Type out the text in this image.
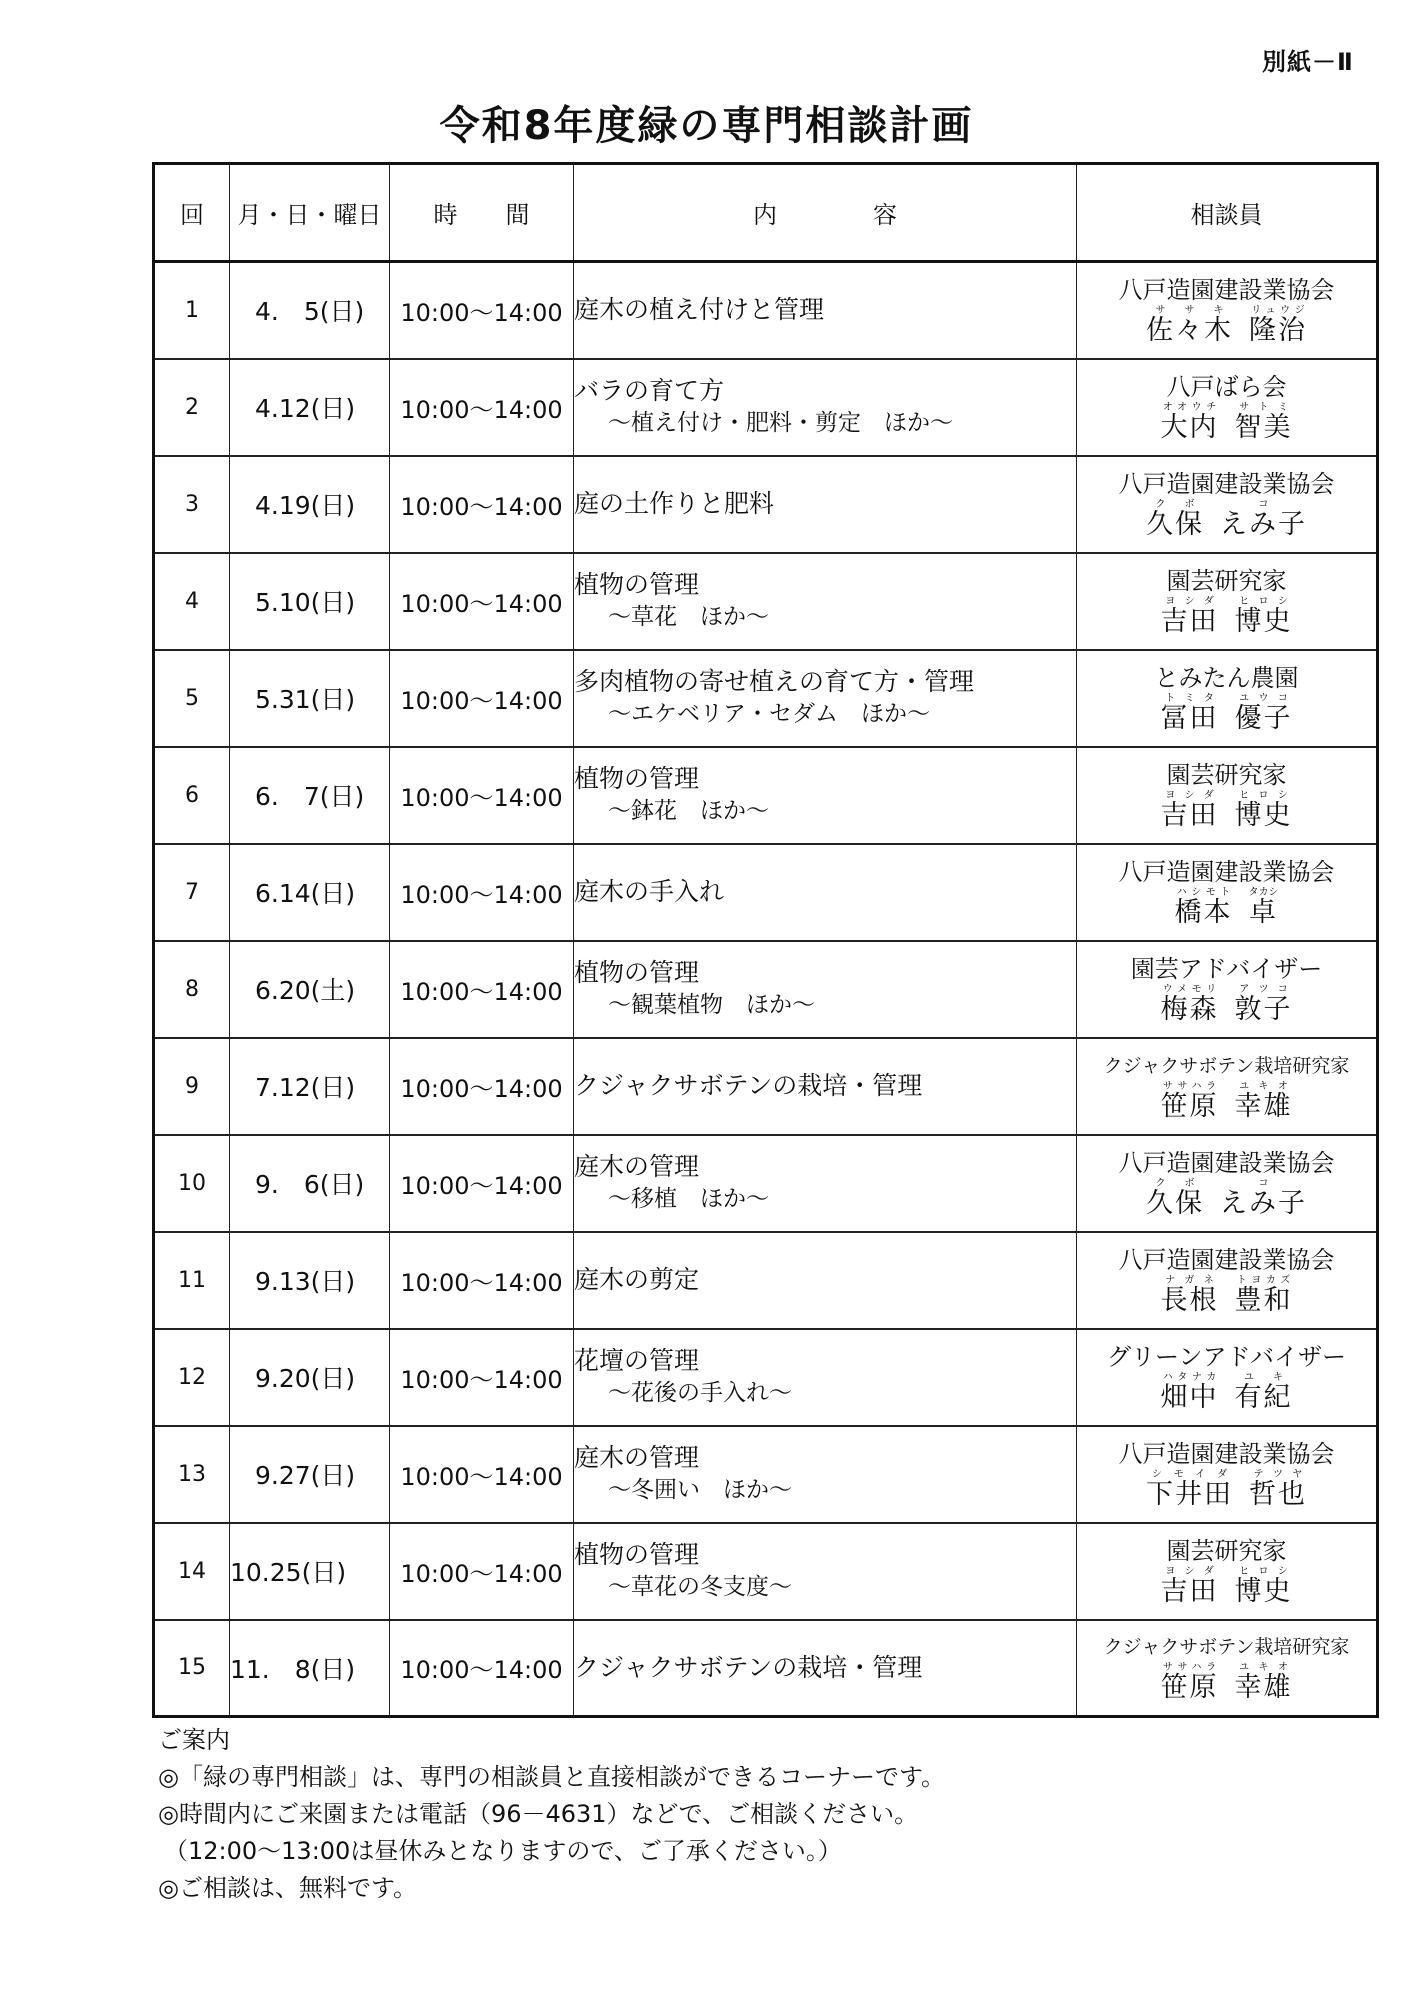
別紙－Ⅱ
令和8年度緑の専門相談計画
回	月・日・曜日	時　　間	内　　　　容	相談員
1	　4.　5(日)	10:00～14:00	庭木の植え付けと管理	八戸造園建設業協会
佐々木ササキ隆治リュウジ

2	　4.12(日)	10:00～14:00	バラの育て方
～植え付け・肥料・剪定　ほか～	八戸ばら会
大内オオウチ智美サトミ

3	　4.19(日)	10:00～14:00	庭の土作りと肥料	八戸造園建設業協会
久保クボえみ子コ

4	　5.10(日)	10:00～14:00	植物の管理
～草花　ほか～	園芸研究家
吉田ヨシダ博史ヒロシ

5	　5.31(日)	10:00～14:00	多肉植物の寄せ植えの育て方・管理
～エケベリア・セダム　ほか～	とみたん農園
冨田トミタ優子ユウコ

6	　6.　7(日)	10:00～14:00	植物の管理
～鉢花　ほか～	園芸研究家
吉田ヨシダ博史ヒロシ

7	　6.14(日)	10:00～14:00	庭木の手入れ	八戸造園建設業協会
橋本ハシモト卓タカシ

8	　6.20(土)	10:00～14:00	植物の管理
～観葉植物　ほか～	園芸アドバイザー
梅森ウメモリ敦子アツコ

9	　7.12(日)	10:00～14:00	クジャクサボテンの栽培・管理	クジャクサボテン栽培研究家
笹原ササハラ幸雄ユキオ

10	　9.　6(日)	10:00～14:00	庭木の管理
～移植　ほか～	八戸造園建設業協会
久保クボえみ子コ

11	　9.13(日)	10:00～14:00	庭木の剪定	八戸造園建設業協会
長根ナガネ豊和トヨカズ

12	　9.20(日)	10:00～14:00	花壇の管理
～花後の手入れ～	グリーンアドバイザー
畑中ハタナカ有紀ユキ

13	　9.27(日)	10:00～14:00	庭木の管理
～冬囲い　ほか～	八戸造園建設業協会
下井田シモイダ哲也テツヤ

14	10.25(日)	10:00～14:00	植物の管理
～草花の冬支度～	園芸研究家
吉田ヨシダ博史ヒロシ

15	11.　8(日)	10:00～14:00	クジャクサボテンの栽培・管理	クジャクサボテン栽培研究家
笹原ササハラ幸雄ユキオ
ご案内
◎「緑の専門相談」は、専門の相談員と直接相談ができるコーナーです。
◎時間内にご来園または電話（96－4631）などで、ご相談ください。
（12:00～13:00は昼休みとなりますので、ご了承ください。）
◎ご相談は、無料です。
